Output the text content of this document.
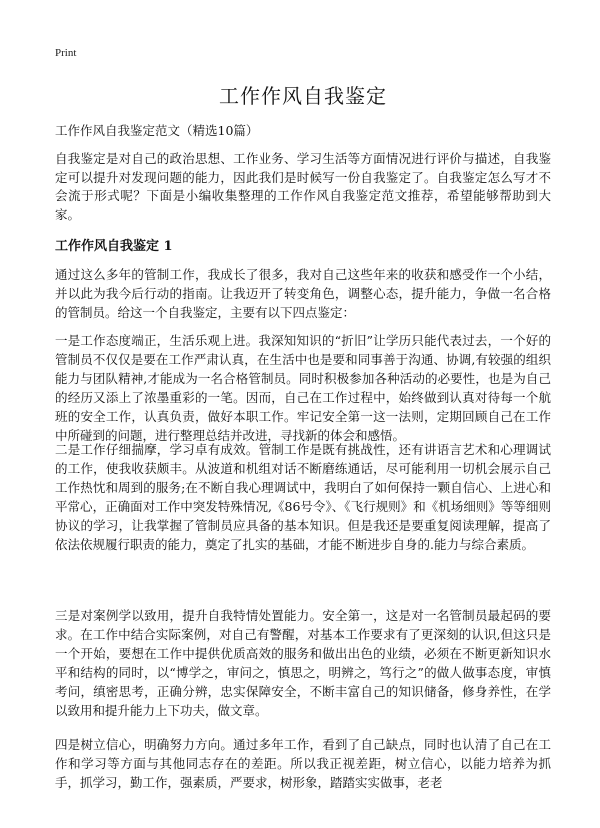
Print
工作作风自我鉴定

工作作风自我鉴定范文（精选10篇）

自我鉴定是对自己的政治思想、工作业务、学习生活等方面情况进行评价与描述，自我鉴定可以提升对发现问题的能力，因此我们是时候写一份自我鉴定了。自我鉴定怎么写才不会流于形式呢？下面是小编收集整理的工作作风自我鉴定范文推荐，希望能够帮助到大家。

工作作风自我鉴定 1

通过这么多年的管制工作，我成长了很多，我对自己这些年来的收获和感受作一个小结，并以此为我今后行动的指南。让我迈开了转变角色，调整心态，提升能力，争做一名合格的管制员。给这一个自我鉴定，主要有以下四点鉴定：

一是工作态度端正，生活乐观上进。我深知知识的“折旧”让学历只能代表过去，一个好的管制员不仅仅是要在工作严肃认真，在生活中也是要和同事善于沟通、协调,有较强的组织能力与团队精神,才能成为一名合格管制员。同时积极参加各种活动的必要性，也是为自己的经历又添上了浓墨重彩的一笔。因而，自己在工作过程中，始终做到认真对待每一个航班的安全工作，认真负责，做好本职工作。牢记安全第一这一法则，定期回顾自己在工作中所碰到的问题，进行整理总结并改进，寻找新的体会和感悟。

二是工作仔细揣摩，学习卓有成效。管制工作是既有挑战性，还有讲语言艺术和心理调试的工作，使我收获颇丰。从波道和机组对话不断磨练通话，尽可能利用一切机会展示自己工作热忱和周到的服务;在不断自我心理调试中，我明白了如何保持一颗自信心、上进心和平常心，正确面对工作中突发特殊情况,《86号令》、《飞行规则》和《机场细则》等等细则协议的学习，让我掌握了管制员应具备的基本知识。但是我还是要重复阅读理解，提高了依法依规履行职责的能力，奠定了扎实的基础，才能不断进步自身的.能力与综合素质。

三是对案例学以致用，提升自我特情处置能力。安全第一，这是对一名管制员最起码的要求。在工作中结合实际案例，对自己有警醒，对基本工作要求有了更深刻的认识,但这只是一个开始，要想在工作中提供优质高效的服务和做出出色的业绩，必须在不断更新知识水平和结构的同时，以“博学之，审问之，慎思之，明辨之，笃行之”的做人做事态度，审慎考问，缜密思考，正确分辨，忠实保障安全，不断丰富自己的知识储备，修身养性，在学以致用和提升能力上下功夫，做文章。

四是树立信心，明确努力方向。通过多年工作，看到了自己缺点，同时也认清了自己在工作和学习等方面与其他同志存在的差距。所以我正视差距，树立信心，以能力培养为抓手，抓学习，勤工作，强素质，严要求，树形象，踏踏实实做事，老老
